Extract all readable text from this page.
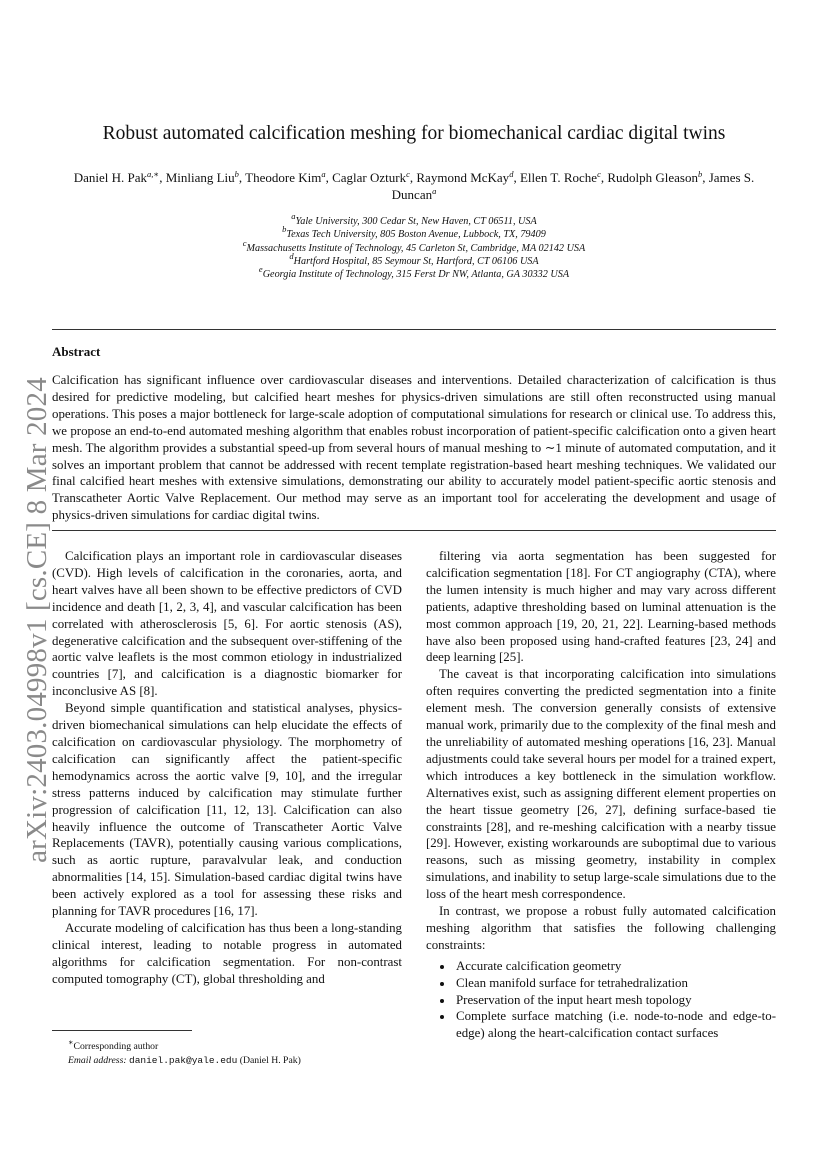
arXiv:2403.04998v1 [cs.CE] 8 Mar 2024
Robust automated calcification meshing for biomechanical cardiac digital twins
Daniel H. Pak$^{a,∗}$, Minliang Liu$^b$, Theodore Kim$^a$, Caglar Ozturk$^c$, Raymond McKay$^d$, Ellen T. Roche$^c$, Rudolph Gleason$^b$, James S. Duncan$^a$
$^a$Yale University, 300 Cedar St, New Haven, CT 06511, USA
$^b$Texas Tech University, 805 Boston Avenue, Lubbock, TX, 79409
$^c$Massachusetts Institute of Technology, 45 Carleton St, Cambridge, MA 02142 USA
$^d$Hartford Hospital, 85 Seymour St, Hartford, CT 06106 USA
$^e$Georgia Institute of Technology, 315 Ferst Dr NW, Atlanta, GA 30332 USA
Abstract
Calcification has significant influence over cardiovascular diseases and interventions. Detailed characterization of calcification is thus desired for predictive modeling, but calcified heart meshes for physics-driven simulations are still often reconstructed using manual operations. This poses a major bottleneck for large-scale adoption of computational simulations for research or clinical use. To address this, we propose an end-to-end automated meshing algorithm that enables robust incorporation of patient-specific calcification onto a given heart mesh. The algorithm provides a substantial speed-up from several hours of manual meshing to ∼1 minute of automated computation, and it solves an important problem that cannot be addressed with recent template registration-based heart meshing techniques. We validated our final calcified heart meshes with extensive simulations, demonstrating our ability to accurately model patient-specific aortic stenosis and Transcatheter Aortic Valve Replacement. Our method may serve as an important tool for accelerating the development and usage of physics-driven simulations for cardiac digital twins.

Calcification plays an important role in cardiovascular diseases (CVD). High levels of calcification in the coronaries, aorta, and heart valves have all been shown to be effective predictors of CVD incidence and death [1, 2, 3, 4], and vascular calcification has been correlated with atherosclerosis [5, 6]. For aortic stenosis (AS), degenerative calcification and the subsequent over-stiffening of the aortic valve leaflets is the most common etiology in industrialized countries [7], and calcification is a diagnostic biomarker for inconclusive AS [8].

Beyond simple quantification and statistical analyses, physics-driven biomechanical simulations can help elucidate the effects of calcification on cardiovascular physiology. The morphometry of calcification can significantly affect the patient-specific hemodynamics across the aortic valve [9, 10], and the irregular stress patterns induced by calcification may stimulate further progression of calcification [11, 12, 13]. Calcification can also heavily influence the outcome of Transcatheter Aortic Valve Replacements (TAVR), potentially causing various complications, such as aortic rupture, paravalvular leak, and conduction abnormalities [14, 15]. Simulation-based cardiac digital twins have been actively explored as a tool for assessing these risks and planning for TAVR procedures [16, 17].

Accurate modeling of calcification has thus been a long-standing clinical interest, leading to notable progress in automated algorithms for calcification segmentation. For non-contrast computed tomography (CT), global thresholding and

filtering via aorta segmentation has been suggested for calcification segmentation [18]. For CT angiography (CTA), where the lumen intensity is much higher and may vary across different patients, adaptive thresholding based on luminal attenuation is the most common approach [19, 20, 21, 22]. Learning-based methods have also been proposed using hand-crafted features [23, 24] and deep learning [25].

The caveat is that incorporating calcification into simulations often requires converting the predicted segmentation into a finite element mesh. The conversion generally consists of extensive manual work, primarily due to the complexity of the final mesh and the unreliability of automated meshing operations [16, 23]. Manual adjustments could take several hours per model for a trained expert, which introduces a key bottleneck in the simulation workflow. Alternatives exist, such as assigning different element properties on the heart tissue geometry [26, 27], defining surface-based tie constraints [28], and re-meshing calcification with a nearby tissue [29]. However, existing workarounds are suboptimal due to various reasons, such as missing geometry, instability in complex simulations, and inability to setup large-scale simulations due to the loss of the heart mesh correspondence.

In contrast, we propose a robust fully automated calcification meshing algorithm that satisfies the following challenging constraints:

• Accurate calcification geometry
• Clean manifold surface for tetrahedralization
• Preservation of the input heart mesh topology
• Complete surface matching (i.e. node-to-node and edge-to-edge) along the heart-calcification contact surfaces
∗Corresponding author
Email address: daniel.pak@yale.edu (Daniel H. Pak)
